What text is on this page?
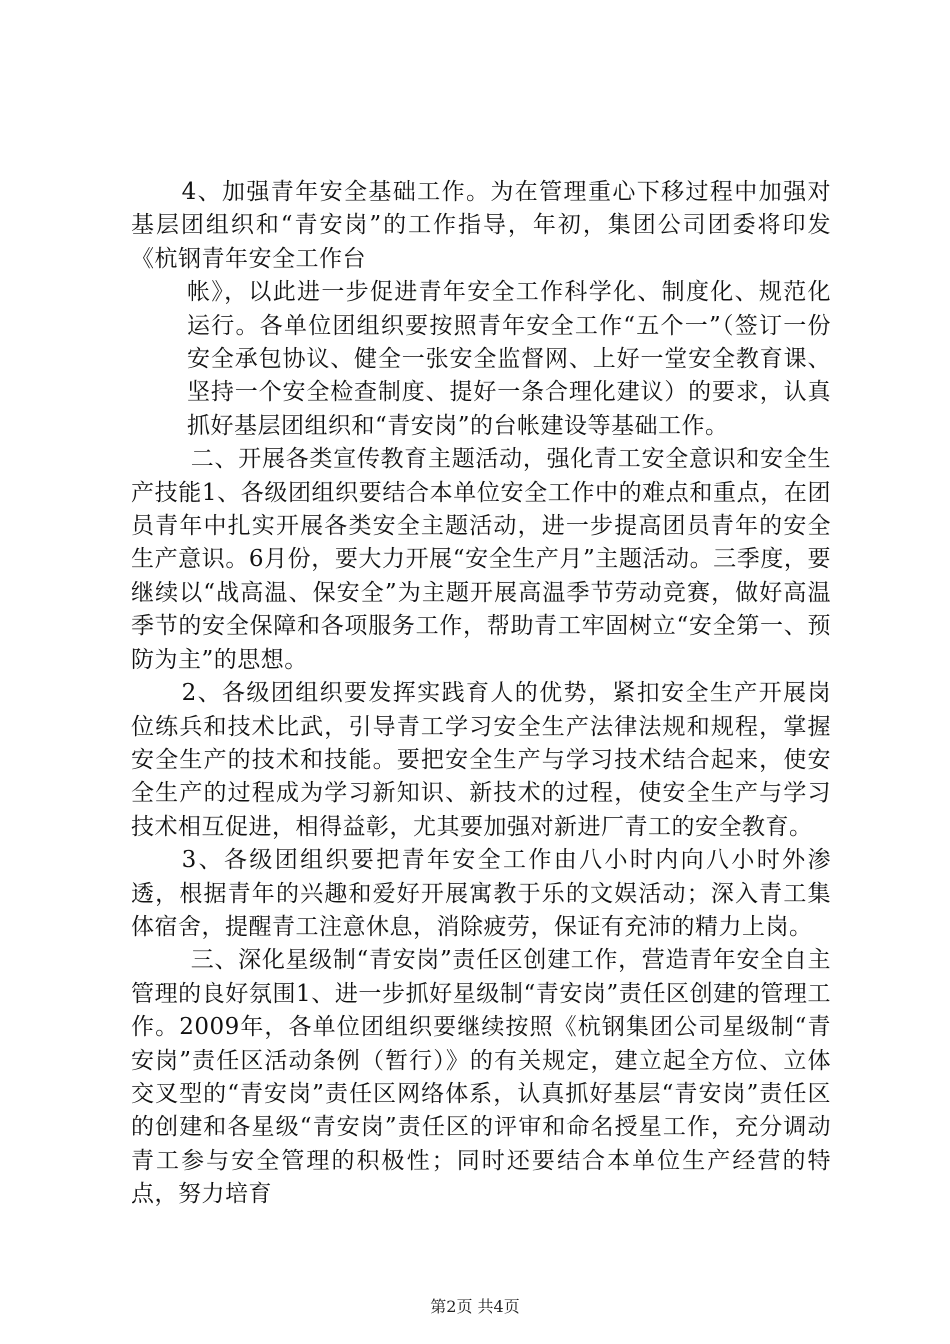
4、加强青年安全基础工作。为在管理重心下移过程中加强对基层团组织和“青安岗”的工作指导，年初，集团公司团委将印发《杭钢青年安全工作台

帐》，以此进一步促进青年安全工作科学化、制度化、规范化运行。各单位团组织要按照青年安全工作“五个一”（签订一份安全承包协议、健全一张安全监督网、上好一堂安全教育课、坚持一个安全检查制度、提好一条合理化建议）的要求，认真抓好基层团组织和“青安岗”的台帐建设等基础工作。

二、开展各类宣传教育主题活动，强化青工安全意识和安全生产技能1、各级团组织要结合本单位安全工作中的难点和重点，在团员青年中扎实开展各类安全主题活动，进一步提高团员青年的安全生产意识。6月份，要大力开展“安全生产月”主题活动。三季度，要继续以“战高温、保安全”为主题开展高温季节劳动竞赛，做好高温季节的安全保障和各项服务工作，帮助青工牢固树立“安全第一、预防为主”的思想。

2、各级团组织要发挥实践育人的优势，紧扣安全生产开展岗位练兵和技术比武，引导青工学习安全生产法律法规和规程，掌握安全生产的技术和技能。要把安全生产与学习技术结合起来，使安全生产的过程成为学习新知识、新技术的过程，使安全生产与学习技术相互促进，相得益彰，尤其要加强对新进厂青工的安全教育。

3、各级团组织要把青年安全工作由八小时内向八小时外渗透，根据青年的兴趣和爱好开展寓教于乐的文娱活动；深入青工集体宿舍，提醒青工注意休息，消除疲劳，保证有充沛的精力上岗。

三、深化星级制“青安岗”责任区创建工作，营造青年安全自主管理的良好氛围1、进一步抓好星级制“青安岗”责任区创建的管理工作。2009年，各单位团组织要继续按照《杭钢集团公司星级制“青安岗”责任区活动条例（暂行）》的有关规定，建立起全方位、立体交叉型的“青安岗”责任区网络体系，认真抓好基层“青安岗”责任区的创建和各星级“青安岗”责任区的评审和命名授星工作，充分调动青工参与安全管理的积极性；同时还要结合本单位生产经营的特点，努力培育

第2页 共4页
